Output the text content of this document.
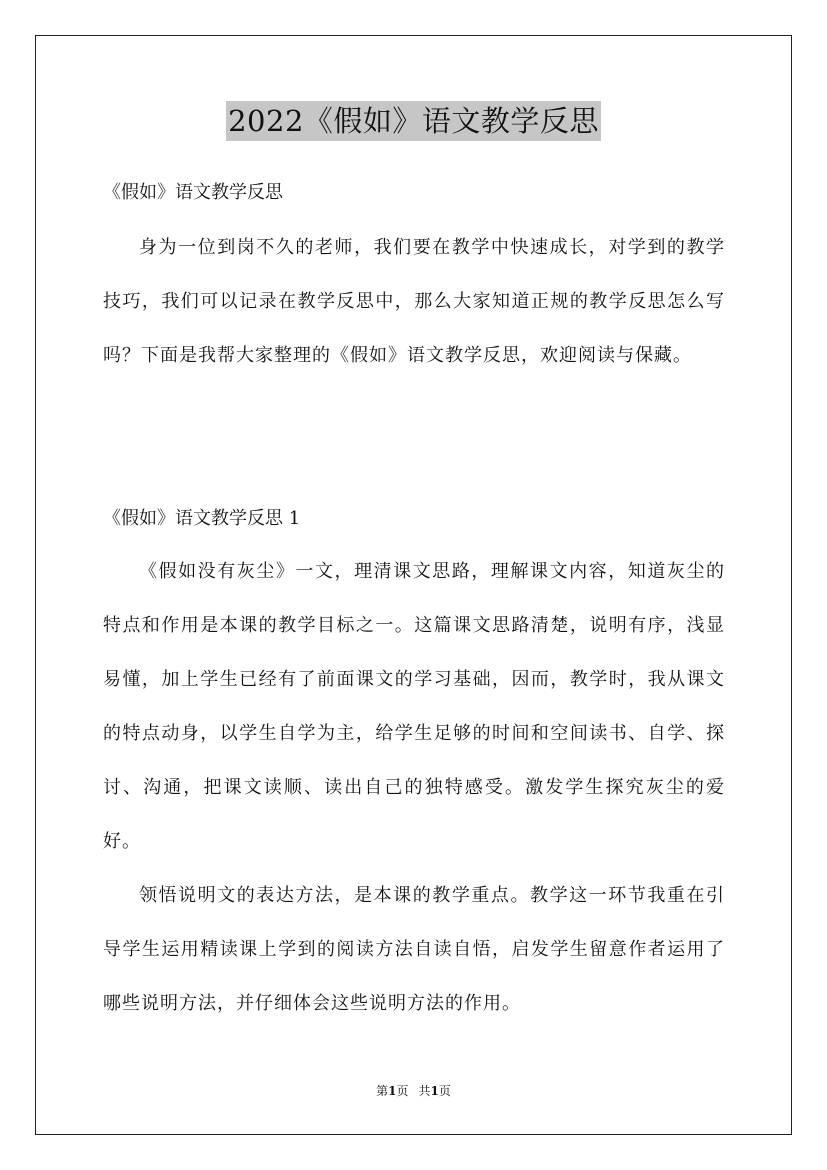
2022《假如》语文教学反思
《假如》语文教学反思

身为一位到岗不久的老师，我们要在教学中快速成长，对学到的教学技巧，我们可以记录在教学反思中，那么大家知道正规的教学反思怎么写吗？下面是我帮大家整理的《假如》语文教学反思，欢迎阅读与保藏。

《假如》语文教学反思 1

《假如没有灰尘》一文，理清课文思路，理解课文内容，知道灰尘的特点和作用是本课的教学目标之一。这篇课文思路清楚，说明有序，浅显易懂，加上学生已经有了前面课文的学习基础，因而，教学时，我从课文的特点动身，以学生自学为主，给学生足够的时间和空间读书、自学、探讨、沟通，把课文读顺、读出自己的独特感受。激发学生探究灰尘的爱好。

领悟说明文的表达方法，是本课的教学重点。教学这一环节我重在引导学生运用精读课上学到的阅读方法自读自悟，启发学生留意作者运用了哪些说明方法，并仔细体会这些说明方法的作用。

第1页 共1页
